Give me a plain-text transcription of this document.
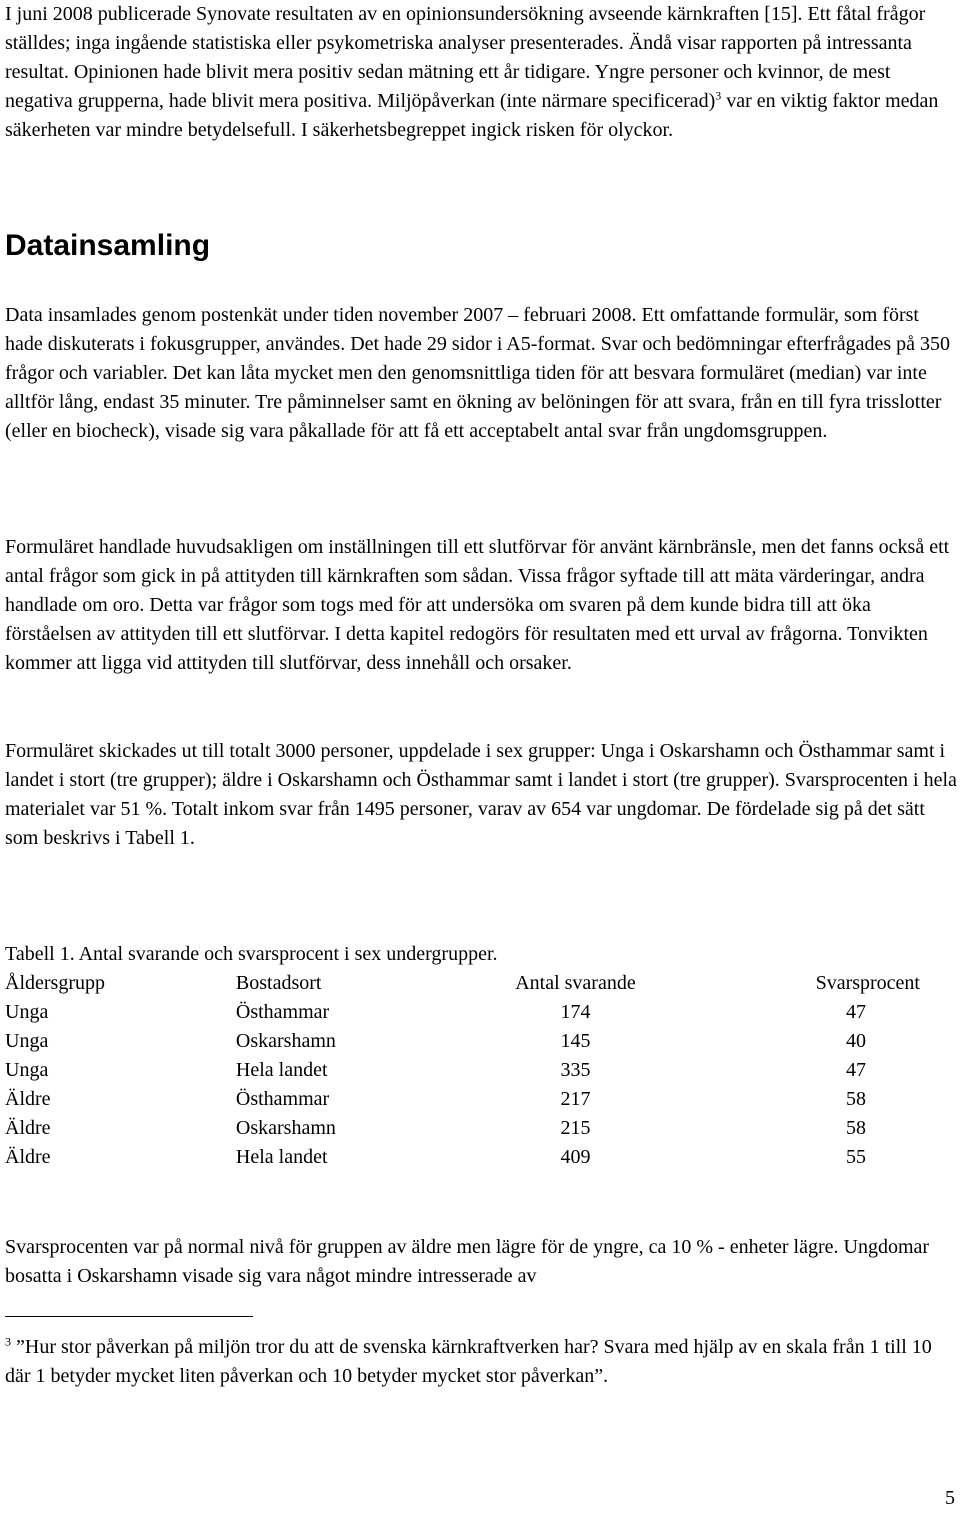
I juni 2008 publicerade Synovate resultaten av en opinionsundersökning avseende kärnkraften [15]. Ett fåtal frågor ställdes; inga ingående statistiska eller psykometriska analyser presenterades. Ändå visar rapporten på intressanta resultat. Opinionen hade blivit mera positiv sedan mätning ett år tidigare. Yngre personer och kvinnor, de mest negativa grupperna, hade blivit mera positiva. Miljöpåverkan (inte närmare specificerad)$^3$ var en viktig faktor medan säkerheten var mindre betydelsefull. I säkerhetsbegreppet ingick risken för olyckor.

Datainsamling

Data insamlades genom postenkät under tiden november 2007 – februari 2008. Ett omfattande formulär, som först hade diskuterats i fokusgrupper, användes. Det hade 29 sidor i A5-format. Svar och bedömningar efterfrågades på 350 frågor och variabler. Det kan låta mycket men den genomsnittliga tiden för att besvara formuläret (median) var inte alltför lång, endast 35 minuter. Tre påminnelser samt en ökning av belöningen för att svara, från en till fyra trisslotter (eller en biocheck), visade sig vara påkallade för att få ett acceptabelt antal svar från ungdomsgruppen.

Formuläret handlade huvudsakligen om inställningen till ett slutförvar för använt kärnbränsle, men det fanns också ett antal frågor som gick in på attityden till kärnkraften som sådan. Vissa frågor syftade till att mäta värderingar, andra handlade om oro. Detta var frågor som togs med för att undersöka om svaren på dem kunde bidra till att öka förståelsen av attityden till ett slutförvar. I detta kapitel redogörs för resultaten med ett urval av frågorna. Tonvikten kommer att ligga vid attityden till slutförvar, dess innehåll och orsaker.

Formuläret skickades ut till totalt 3000 personer, uppdelade i sex grupper: Unga i Oskarshamn och Östhammar samt i landet i stort (tre grupper); äldre i Oskarshamn och Östhammar samt i landet i stort (tre grupper). Svarsprocenten i hela materialet var 51 %. Totalt inkom svar från 1495 personer, varav av 654 var ungdomar. De fördelade sig på det sätt som beskrivs i Tabell 1.

Tabell 1. Antal svarande och svarsprocent i sex undergrupper.

Åldersgrupp	Bostadsort	Antal svarande	Svarsprocent
Unga	Östhammar	174	47
Unga	Oskarshamn	145	40
Unga	Hela landet	335	47
Äldre	Östhammar	217	58
Äldre	Oskarshamn	215	58
Äldre	Hela landet	409	55

Svarsprocenten var på normal nivå för gruppen av äldre men lägre för de yngre, ca 10 % - enheter lägre. Ungdomar bosatta i Oskarshamn visade sig vara något mindre intresserade av

$^3$ ”Hur stor påverkan på miljön tror du att de svenska kärnkraftverken har? Svara med hjälp av en skala från 1 till 10 där 1 betyder mycket liten påverkan och 10 betyder mycket stor påverkan”.

5
